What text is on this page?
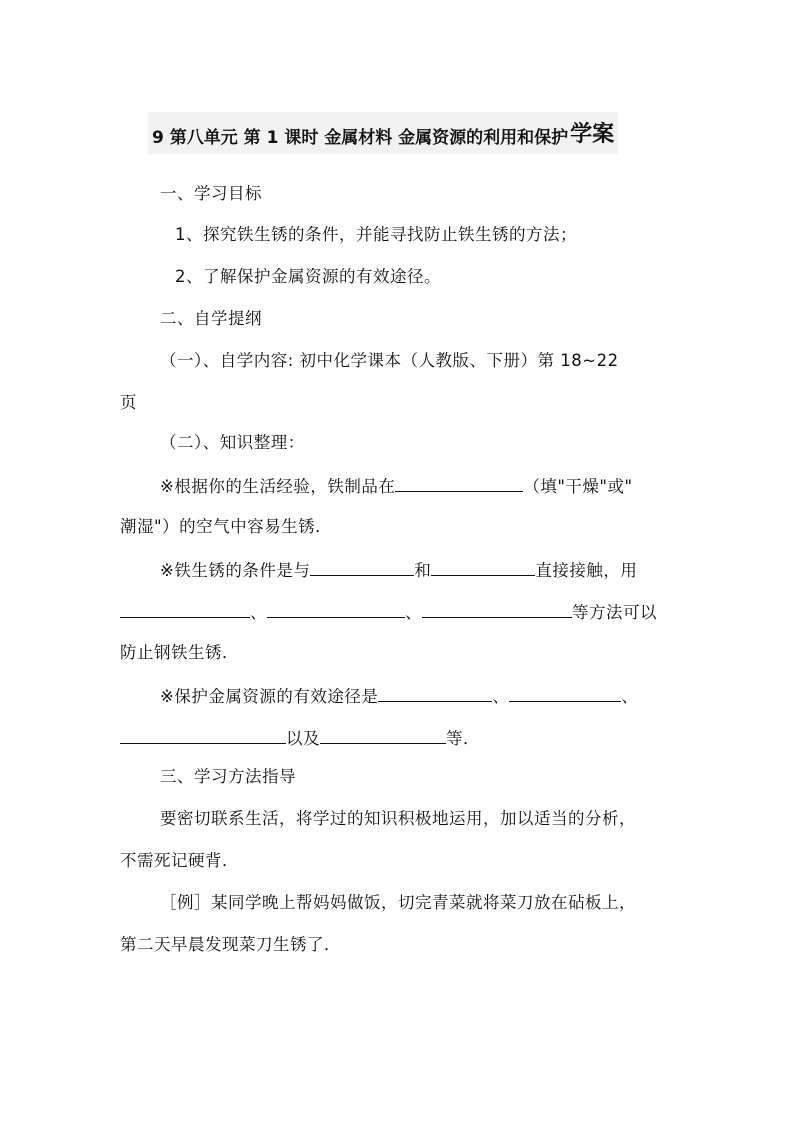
9 第八单元 第 1 课时 金属材料 金属资源的利用和保护 学案
一、学习目标
1、探究铁生锈的条件，并能寻找防止铁生锈的方法；
2、了解保护金属资源的有效途径。
二、自学提纲
（一）、自学内容: 初中化学课本（人教版、下册）第 18~22
页
（二）、知识整理：
※根据你的生活经验，铁制品在	（填"干燥"或"
潮湿"）的空气中容易生锈．
※铁生锈的条件是与	和	直接接触，用
、	、	等方法可以
防止钢铁生锈．
※保护金属资源的有效途径是	、	、
以及	等．
三、学习方法指导
要密切联系生活，将学过的知识积极地运用，加以适当的分析，
不需死记硬背．
［例］某同学晚上帮妈妈做饭，切完青菜就将菜刀放在砧板上，
第二天早晨发现菜刀生锈了．
